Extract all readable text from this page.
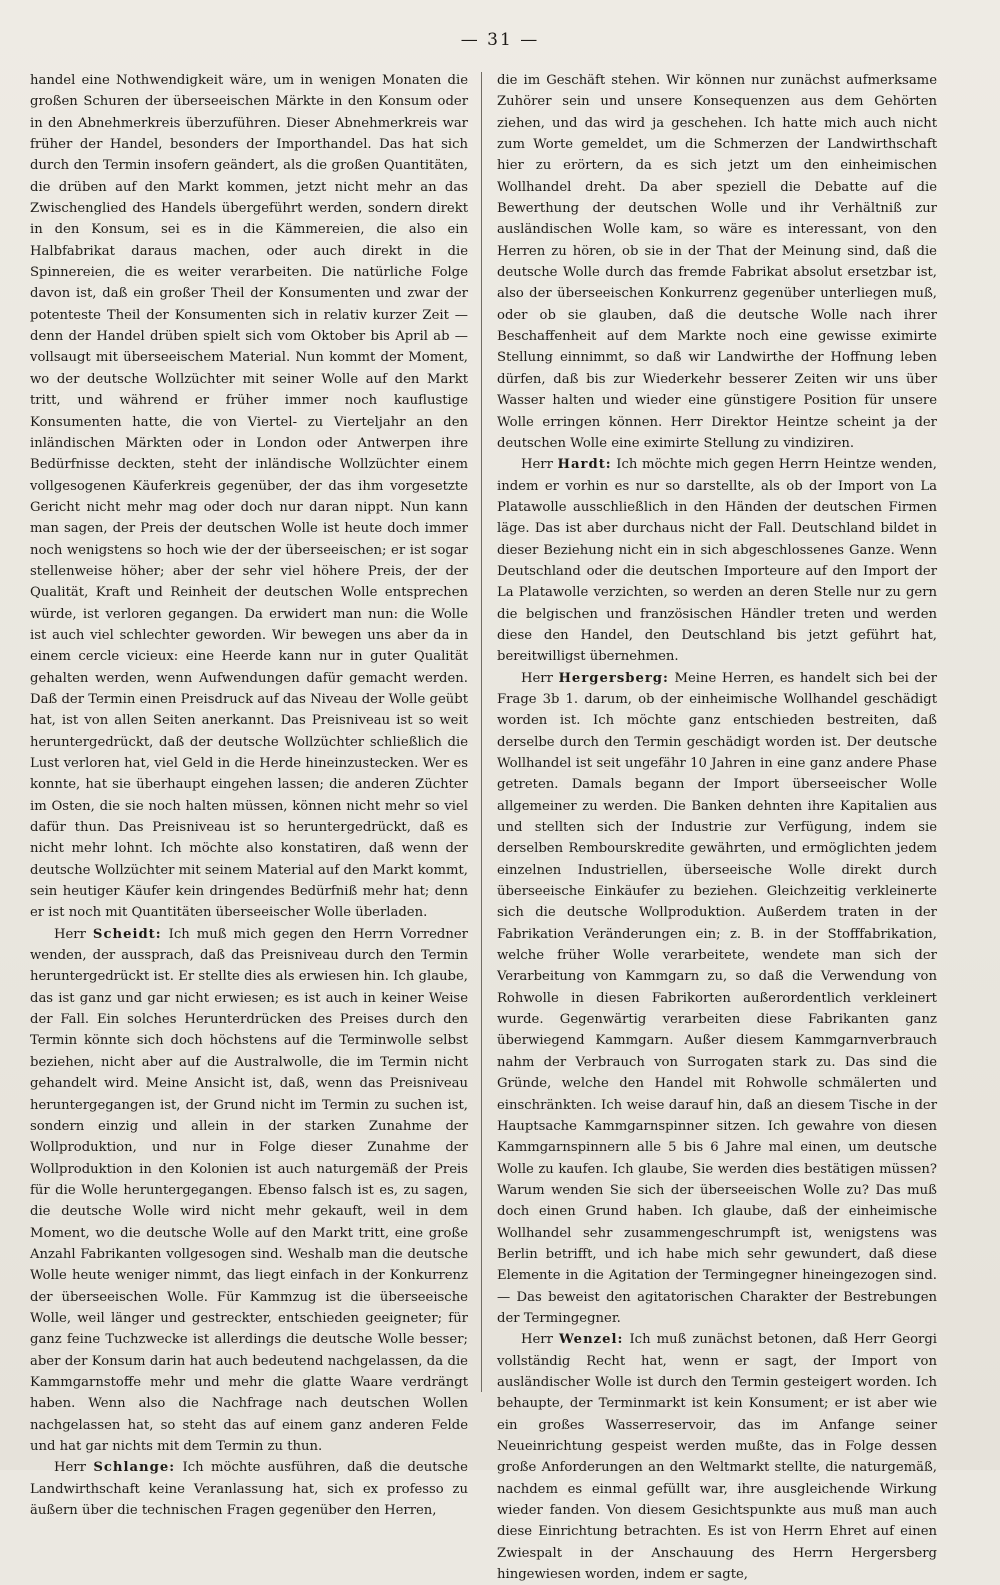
— 31 —

handel eine Nothwendigkeit wäre, um in wenigen Monaten die großen Schuren der überseeischen Märkte in den Konsum oder in den Abnehmerkreis überzuführen. Dieser Abnehmerkreis war früher der Handel, besonders der Importhandel. Das hat sich durch den Termin insofern geändert, als die großen Quantitäten, die drüben auf den Markt kommen, jetzt nicht mehr an das Zwischenglied des Handels übergeführt werden, sondern direkt in den Konsum, sei es in die Kämmereien, die also ein Halbfabrikat daraus machen, oder auch direkt in die Spinnereien, die es weiter verarbeiten. Die natürliche Folge davon ist, daß ein großer Theil der Konsumenten und zwar der potenteste Theil der Konsumenten sich in relativ kurzer Zeit — denn der Handel drüben spielt sich vom Oktober bis April ab — vollsaugt mit überseeischem Material. Nun kommt der Moment, wo der deutsche Wollzüchter mit seiner Wolle auf den Markt tritt, und während er früher immer noch kauflustige Konsumenten hatte, die von Viertel- zu Vierteljahr an den inländischen Märkten oder in London oder Antwerpen ihre Bedürfnisse deckten, steht der inländische Wollzüchter einem vollgesogenen Käuferkreis gegenüber, der das ihm vorgesetzte Gericht nicht mehr mag oder doch nur daran nippt. Nun kann man sagen, der Preis der deutschen Wolle ist heute doch immer noch wenigstens so hoch wie der der überseeischen; er ist sogar stellenweise höher; aber der sehr viel höhere Preis, der der Qualität, Kraft und Reinheit der deutschen Wolle entsprechen würde, ist verloren gegangen. Da erwidert man nun: die Wolle ist auch viel schlechter geworden. Wir bewegen uns aber da in einem cercle vicieux: eine Heerde kann nur in guter Qualität gehalten werden, wenn Aufwendungen dafür gemacht werden. Daß der Termin einen Preisdruck auf das Niveau der Wolle geübt hat, ist von allen Seiten anerkannt. Das Preisniveau ist so weit heruntergedrückt, daß der deutsche Wollzüchter schließlich die Lust verloren hat, viel Geld in die Herde hineinzustecken. Wer es konnte, hat sie überhaupt eingehen lassen; die anderen Züchter im Osten, die sie noch halten müssen, können nicht mehr so viel dafür thun. Das Preisniveau ist so heruntergedrückt, daß es nicht mehr lohnt. Ich möchte also konstatiren, daß wenn der deutsche Wollzüchter mit seinem Material auf den Markt kommt, sein heutiger Käufer kein dringendes Bedürfniß mehr hat; denn er ist noch mit Quantitäten überseeischer Wolle überladen.

Herr Scheidt: Ich muß mich gegen den Herrn Vorredner wenden, der aussprach, daß das Preisniveau durch den Termin heruntergedrückt ist. Er stellte dies als erwiesen hin. Ich glaube, das ist ganz und gar nicht erwiesen; es ist auch in keiner Weise der Fall. Ein solches Herunterdrücken des Preises durch den Termin könnte sich doch höchstens auf die Terminwolle selbst beziehen, nicht aber auf die Australwolle, die im Termin nicht gehandelt wird. Meine Ansicht ist, daß, wenn das Preisniveau heruntergegangen ist, der Grund nicht im Termin zu suchen ist, sondern einzig und allein in der starken Zunahme der Wollproduktion, und nur in Folge dieser Zunahme der Wollproduktion in den Kolonien ist auch naturgemäß der Preis für die Wolle heruntergegangen. Ebenso falsch ist es, zu sagen, die deutsche Wolle wird nicht mehr gekauft, weil in dem Moment, wo die deutsche Wolle auf den Markt tritt, eine große Anzahl Fabrikanten vollgesogen sind. Weshalb man die deutsche Wolle heute weniger nimmt, das liegt einfach in der Konkurrenz der überseeischen Wolle. Für Kammzug ist die überseeische Wolle, weil länger und gestreckter, entschieden geeigneter; für ganz feine Tuchzwecke ist allerdings die deutsche Wolle besser; aber der Konsum darin hat auch bedeutend nachgelassen, da die Kammgarnstoffe mehr und mehr die glatte Waare verdrängt haben. Wenn also die Nachfrage nach deutschen Wollen nachgelassen hat, so steht das auf einem ganz anderen Felde und hat gar nichts mit dem Termin zu thun.

Herr Schlange: Ich möchte ausführen, daß die deutsche Landwirthschaft keine Veranlassung hat, sich ex professo zu äußern über die technischen Fragen gegenüber den Herren,

die im Geschäft stehen. Wir können nur zunächst aufmerksame Zuhörer sein und unsere Konsequenzen aus dem Gehörten ziehen, und das wird ja geschehen. Ich hatte mich auch nicht zum Worte gemeldet, um die Schmerzen der Landwirthschaft hier zu erörtern, da es sich jetzt um den einheimischen Wollhandel dreht. Da aber speziell die Debatte auf die Bewerthung der deutschen Wolle und ihr Verhältniß zur ausländischen Wolle kam, so wäre es interessant, von den Herren zu hören, ob sie in der That der Meinung sind, daß die deutsche Wolle durch das fremde Fabrikat absolut ersetzbar ist, also der überseeischen Konkurrenz gegenüber unterliegen muß, oder ob sie glauben, daß die deutsche Wolle nach ihrer Beschaffenheit auf dem Markte noch eine gewisse eximirte Stellung einnimmt, so daß wir Landwirthe der Hoffnung leben dürfen, daß bis zur Wiederkehr besserer Zeiten wir uns über Wasser halten und wieder eine günstigere Position für unsere Wolle erringen können. Herr Direktor Heintze scheint ja der deutschen Wolle eine eximirte Stellung zu vindiziren.

Herr Hardt: Ich möchte mich gegen Herrn Heintze wenden, indem er vorhin es nur so darstellte, als ob der Import von La Platawolle ausschließlich in den Händen der deutschen Firmen läge. Das ist aber durchaus nicht der Fall. Deutschland bildet in dieser Beziehung nicht ein in sich abgeschlossenes Ganze. Wenn Deutschland oder die deutschen Importeure auf den Import der La Platawolle verzichten, so werden an deren Stelle nur zu gern die belgischen und französischen Händler treten und werden diese den Handel, den Deutschland bis jetzt geführt hat, bereitwilligst übernehmen.

Herr Hergersberg: Meine Herren, es handelt sich bei der Frage 3b 1. darum, ob der einheimische Wollhandel geschädigt worden ist. Ich möchte ganz entschieden bestreiten, daß derselbe durch den Termin geschädigt worden ist. Der deutsche Wollhandel ist seit ungefähr 10 Jahren in eine ganz andere Phase getreten. Damals begann der Import überseeischer Wolle allgemeiner zu werden. Die Banken dehnten ihre Kapitalien aus und stellten sich der Industrie zur Verfügung, indem sie derselben Rembourskredite gewährten, und ermöglichten jedem einzelnen Industriellen, überseeische Wolle direkt durch überseeische Einkäufer zu beziehen. Gleichzeitig verkleinerte sich die deutsche Wollproduktion. Außerdem traten in der Fabrikation Veränderungen ein; z. B. in der Stofffabrikation, welche früher Wolle verarbeitete, wendete man sich der Verarbeitung von Kammgarn zu, so daß die Verwendung von Rohwolle in diesen Fabrikorten außerordentlich verkleinert wurde. Gegenwärtig verarbeiten diese Fabrikanten ganz überwiegend Kammgarn. Außer diesem Kammgarnverbrauch nahm der Verbrauch von Surrogaten stark zu. Das sind die Gründe, welche den Handel mit Rohwolle schmälerten und einschränkten. Ich weise darauf hin, daß an diesem Tische in der Hauptsache Kammgarnspinner sitzen. Ich gewahre von diesen Kammgarnspinnern alle 5 bis 6 Jahre mal einen, um deutsche Wolle zu kaufen. Ich glaube, Sie werden dies bestätigen müssen? Warum wenden Sie sich der überseeischen Wolle zu? Das muß doch einen Grund haben. Ich glaube, daß der einheimische Wollhandel sehr zusammengeschrumpft ist, wenigstens was Berlin betrifft, und ich habe mich sehr gewundert, daß diese Elemente in die Agitation der Termingegner hineingezogen sind. — Das beweist den agitatorischen Charakter der Bestrebungen der Termingegner.

Herr Wenzel: Ich muß zunächst betonen, daß Herr Georgi vollständig Recht hat, wenn er sagt, der Import von ausländischer Wolle ist durch den Termin gesteigert worden. Ich behaupte, der Terminmarkt ist kein Konsument; er ist aber wie ein großes Wasserreservoir, das im Anfange seiner Neueinrichtung gespeist werden mußte, das in Folge dessen große Anforderungen an den Weltmarkt stellte, die naturgemäß, nachdem es einmal gefüllt war, ihre ausgleichende Wirkung wieder fanden. Von diesem Gesichtspunkte aus muß man auch diese Einrichtung betrachten. Es ist von Herrn Ehret auf einen Zwiespalt in der Anschauung des Herrn Hergersberg hingewiesen worden, indem er sagte,
